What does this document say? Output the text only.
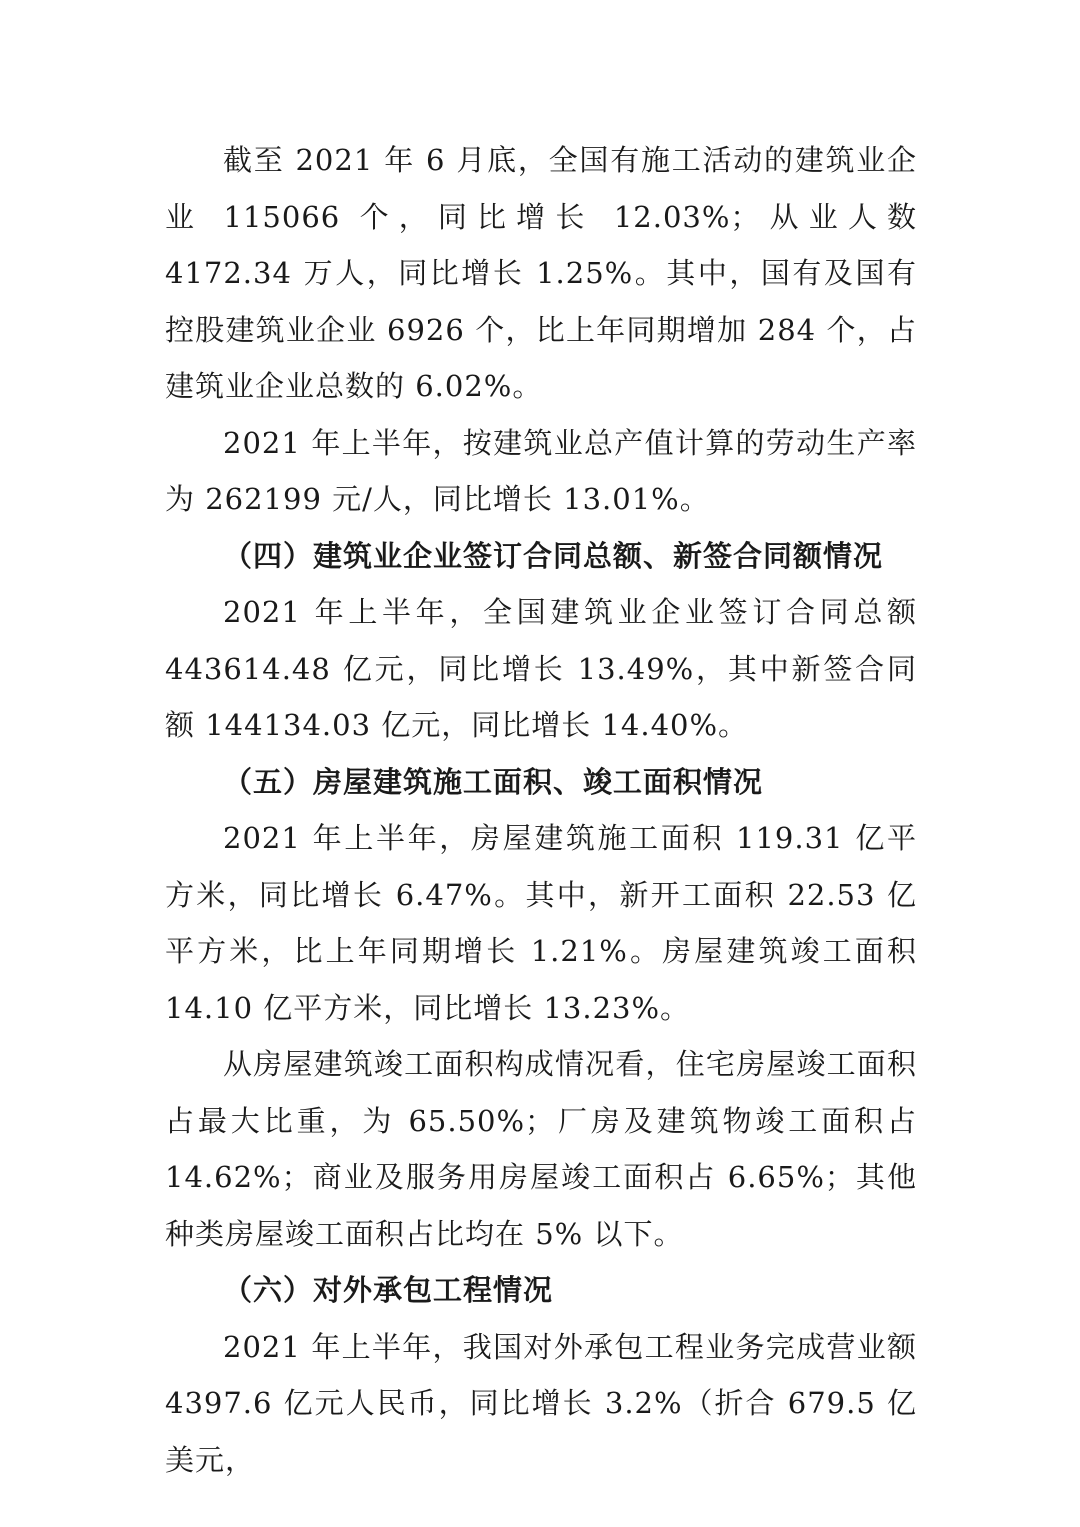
截至 2021 年 6 月底，全国有施工活动的建筑业企业 115066 个，同比增长 12.03%；从业人数 4172.34 万人，同比增长 1.25%。其中，国有及国有控股建筑业企业 6926 个，比上年同期增加 284 个，占建筑业企业总数的 6.02%。

2021 年上半年，按建筑业总产值计算的劳动生产率为 262199 元/人，同比增长 13.01%。

（四）建筑业企业签订合同总额、新签合同额情况

2021 年上半年，全国建筑业企业签订合同总额 443614.48 亿元，同比增长 13.49%，其中新签合同额 144134.03 亿元，同比增长 14.40%。

（五）房屋建筑施工面积、竣工面积情况

2021 年上半年，房屋建筑施工面积 119.31 亿平方米，同比增长 6.47%。其中，新开工面积 22.53 亿平方米，比上年同期增长 1.21%。房屋建筑竣工面积 14.10 亿平方米，同比增长 13.23%。

从房屋建筑竣工面积构成情况看，住宅房屋竣工面积占最大比重，为 65.50%；厂房及建筑物竣工面积占 14.62%；商业及服务用房屋竣工面积占 6.65%；其他种类房屋竣工面积占比均在 5% 以下。

（六）对外承包工程情况

2021 年上半年，我国对外承包工程业务完成营业额 4397.6 亿元人民币，同比增长 3.2%（折合 679.5 亿美元，
